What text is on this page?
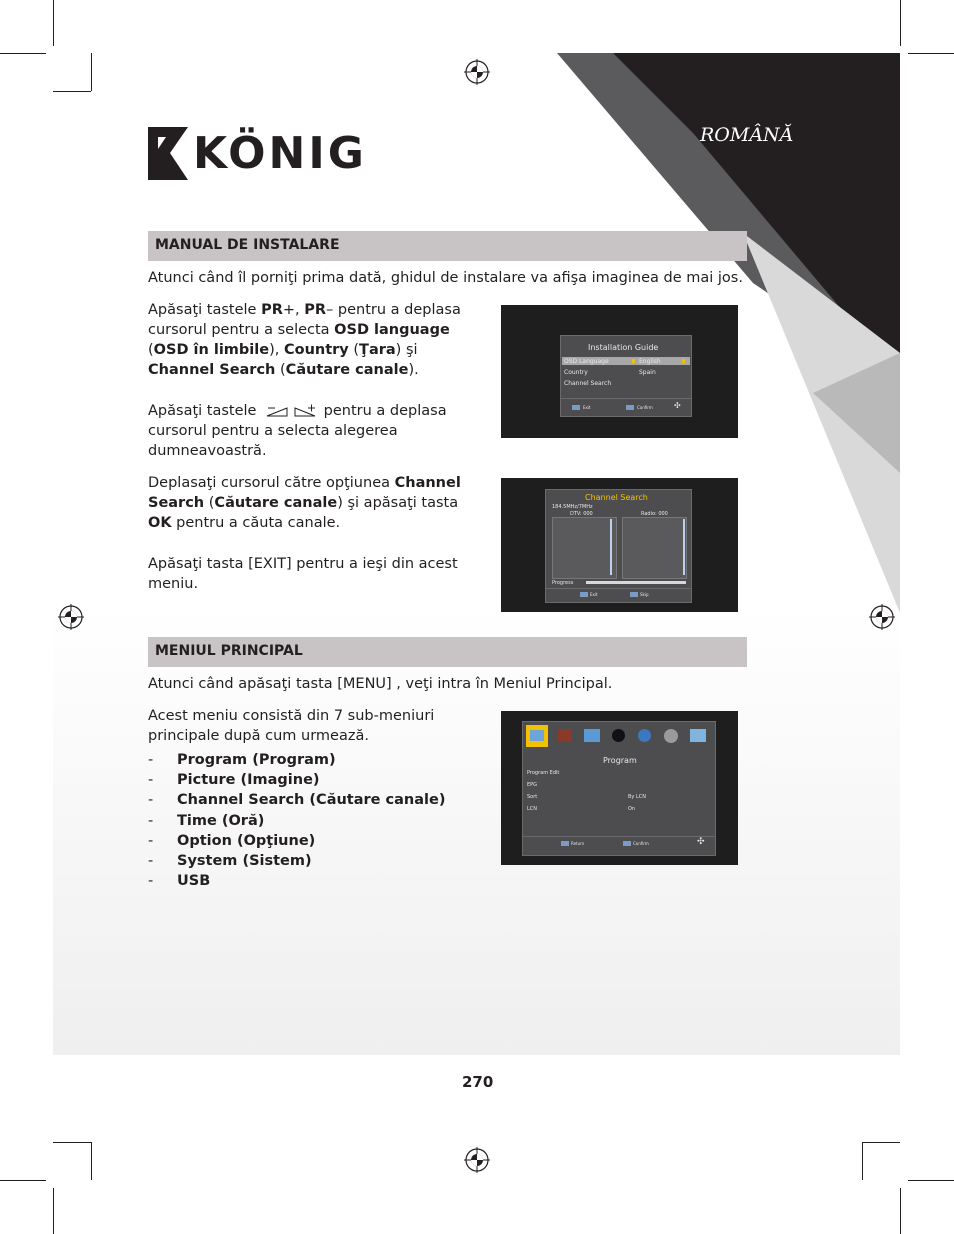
ROMÂNĂ
KÖNIG
MANUAL DE INSTALARE
Atunci când îl porniţi prima dată, ghidul de instalare va afişa imaginea de mai jos.
Apăsaţi tastele PR+, PR– pentru a deplasa cursorul pentru a selecta OSD language (OSD în limbile), Country (Ţara) şi Channel Search (Căutare canale).
Apăsaţi tastele	pentru a deplasa cursorul pentru a selecta alegerea dumneavoastră.
Deplasaţi cursorul către opţiunea Channel Search (Căutare canale) şi apăsaţi tasta OK pentru a căuta canale.
Apăsaţi tasta [EXIT] pentru a ieşi din acest meniu.
Installation Guide
OSD Language	English
Country	Spain
Channel Search
Exit	Confirm	✣
Channel Search
184.5MHz/7MHz
DTV: 000	Radio: 000
Progress
Exit	Skip
MENIUL PRINCIPAL
Atunci când apăsaţi tasta [MENU] , veţi intra în Meniul Principal.
Acest meniu consistă din 7 sub-meniuri principale după cum urmează.
- Program (Program)
- Picture (Imagine)
- Channel Search (Căutare canale)
- Time (Oră)
- Option (Opţiune)
- System (Sistem)
- USB
Program
Program Edit
EPG
Sort	By LCN
LCN	On
Return	Confirm	✣
270
